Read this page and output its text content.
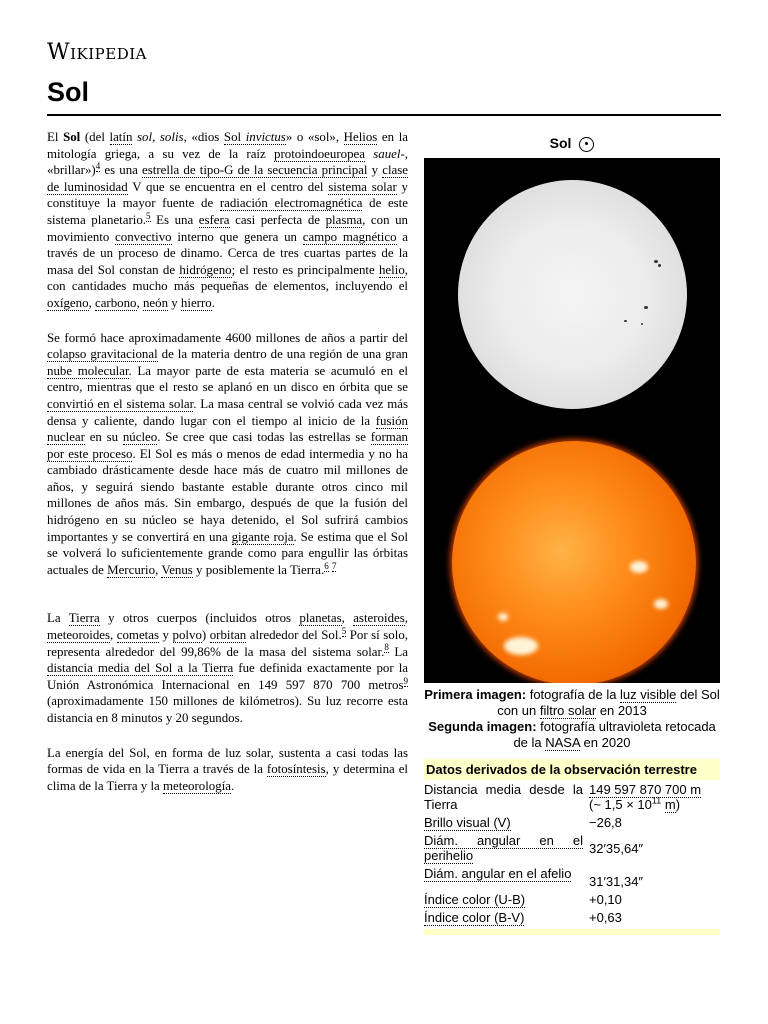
Wikipedia
Sol

El Sol (del latín sol, solis, «dios Sol invictus» o «sol», Helios en la mitología griega, a su vez de la raíz protoindoeuropea sauel-, «brillar»)$^4$ es una estrella de tipo-G de la secuencia principal y clase de luminosidad V que se encuentra en el centro del sistema solar y constituye la mayor fuente de radiación electromagnética de este sistema planetario.$^5$ Es una esfera casi perfecta de plasma, con un movimiento convectivo interno que genera un campo magnético a través de un proceso de dinamo. Cerca de tres cuartas partes de la masa del Sol constan de hidrógeno; el resto es principalmente helio, con cantidades mucho más pequeñas de elementos, incluyendo el oxígeno, carbono, neón y hierro.

Se formó hace aproximadamente 4600 millones de años a partir del colapso gravitacional de la materia dentro de una región de una gran nube molecular. La mayor parte de esta materia se acumuló en el centro, mientras que el resto se aplanó en un disco en órbita que se convirtió en el sistema solar. La masa central se volvió cada vez más densa y caliente, dando lugar con el tiempo al inicio de la fusión nuclear en su núcleo. Se cree que casi todas las estrellas se forman por este proceso. El Sol es más o menos de edad intermedia y no ha cambiado drásticamente desde hace más de cuatro mil millones de años, y seguirá siendo bastante estable durante otros cinco mil millones de años más. Sin embargo, después de que la fusión del hidrógeno en su núcleo se haya detenido, el Sol sufrirá cambios importantes y se convertirá en una gigante roja. Se estima que el Sol se volverá lo suficientemente grande como para engullir las órbitas actuales de Mercurio, Venus y posiblemente la Tierra.$^6$ $^7$

La Tierra y otros cuerpos (incluidos otros planetas, asteroides, meteoroides, cometas y polvo) orbitan alrededor del Sol.$^5$ Por sí solo, representa alrededor del 99,86% de la masa del sistema solar.$^8$ La distancia media del Sol a la Tierra fue definida exactamente por la Unión Astronómica Internacional en 149 597 870 700 metros$^9$ (aproximadamente 150 millones de kilómetros). Su luz recorre esta distancia en 8 minutos y 20 segundos.

La energía del Sol, en forma de luz solar, sustenta a casi todas las formas de vida en la Tierra a través de la fotosíntesis, y determina el clima de la Tierra y la meteorología.

Sol
Primera imagen: fotografía de la luz visible del Sol con un filtro solar en 2013
Segunda imagen: fotografía ultravioleta retocada de la NASA en 2020
Datos derivados de la observación terrestre
Distancia media desde la Tierra	149 597 870 700 m
(~ $1,5 \times 10^{11}$ m)
Brillo visual (V)	−26,8
Diám. angular en el perihelio	32′35,64″
Diám. angular en el afelio	31′31,34″
Índice color (U-B)	+0,10
Índice color (B-V)	+0,63
